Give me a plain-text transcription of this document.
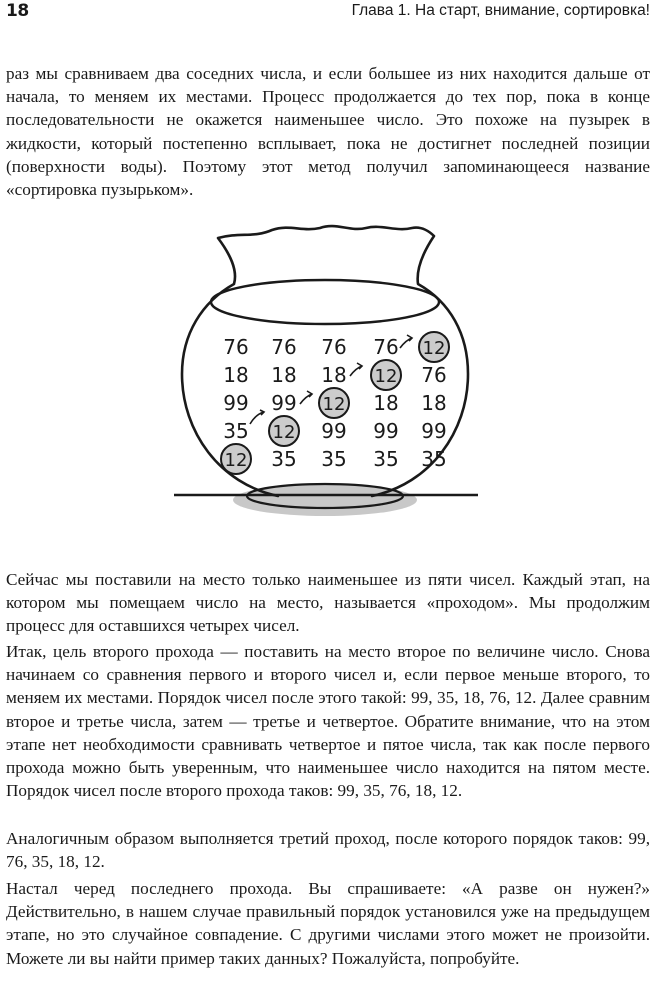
18	Глава 1. На старт, внимание, сортировка!

раз мы сравниваем два соседних числа, и если большее из них находится дальше от начала, то меняем их местами. Процесс продолжается до тех пор, пока в конце последовательности не окажется наименьшее число. Это похоже на пузырек в жидкости, который постепенно всплывает, пока не достигнет последней позиции (поверхности воды). Поэтому этот метод получил запоминающееся название «сортировка пузырьком».

76
18
99
35
12
76
18
99
12
35
76
18
12
99
35
76
12
18
99
35
12
76
18
99
35

Сейчас мы поставили на место только наименьшее из пяти чисел. Каждый этап, на котором мы помещаем число на место, называется «проходом». Мы продолжим процесс для оставшихся четырех чисел.

Итак, цель второго прохода — поставить на место второе по величине число. Снова начинаем со сравнения первого и второго чисел и, если первое меньше второго, то меняем их местами. Порядок чисел после этого такой: 99, 35, 18, 76, 12. Далее сравним второе и третье числа, затем — третье и четвертое. Обратите внимание, что на этом этапе нет необходимости сравнивать четвертое и пятое числа, так как после первого прохода можно быть уверенным, что наименьшее число находится на пятом месте. Порядок чисел после второго прохода таков: 99, 35, 76, 18, 12.

Аналогичным образом выполняется третий проход, после которого порядок таков: 99, 76, 35, 18, 12.

Настал черед последнего прохода. Вы спрашиваете: «А разве он нужен?» Действительно, в нашем случае правильный порядок установился уже на предыдущем этапе, но это случайное совпадение. С другими числами этого может не произойти. Можете ли вы найти пример таких данных? Пожалуйста, попробуйте.
